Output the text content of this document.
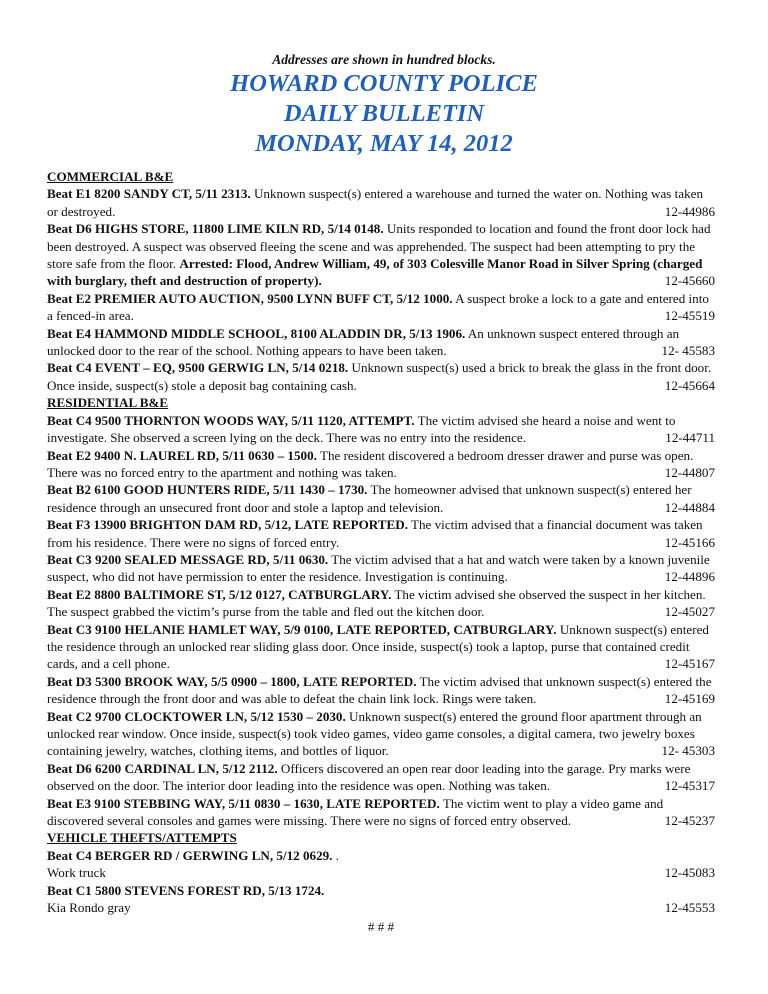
Addresses are shown in hundred blocks.
HOWARD COUNTY POLICE
DAILY BULLETIN
MONDAY, MAY 14, 2012
COMMERCIAL B&E

Beat E1 8200 SANDY CT, 5/11 2313. Unknown suspect(s) entered a warehouse and turned the water on. Nothing was taken or destroyed.	12-44986

Beat D6 HIGHS STORE, 11800 LIME KILN RD, 5/14 0148. Units responded to location and found the front door lock had been destroyed. A suspect was observed fleeing the scene and was apprehended. The suspect had been attempting to pry the store safe from the floor. Arrested: Flood, Andrew William, 49, of 303 Colesville Manor Road in Silver Spring (charged with burglary, theft and destruction of property).	12-45660

Beat E2 PREMIER AUTO AUCTION, 9500 LYNN BUFF CT, 5/12 1000. A suspect broke a lock to a gate and entered into a fenced-in area.	12-45519

Beat E4 HAMMOND MIDDLE SCHOOL, 8100 ALADDIN DR, 5/13 1906. An unknown suspect entered through an unlocked door to the rear of the school. Nothing appears to have been taken.	12- 45583

Beat C4 EVENT – EQ, 9500 GERWIG LN, 5/14 0218. Unknown suspect(s) used a brick to break the glass in the front door. Once inside, suspect(s) stole a deposit bag containing cash.	12-45664

RESIDENTIAL B&E

Beat C4 9500 THORNTON WOODS WAY, 5/11 1120, ATTEMPT. The victim advised she heard a noise and went to investigate. She observed a screen lying on the deck. There was no entry into the residence.	12-44711

Beat E2 9400 N. LAUREL RD, 5/11 0630 – 1500. The resident discovered a bedroom dresser drawer and purse was open. There was no forced entry to the apartment and nothing was taken.	12-44807

Beat B2 6100 GOOD HUNTERS RIDE, 5/11 1430 – 1730. The homeowner advised that unknown suspect(s) entered her residence through an unsecured front door and stole a laptop and television.	12-44884

Beat F3 13900 BRIGHTON DAM RD, 5/12, LATE REPORTED. The victim advised that a financial document was taken from his residence. There were no signs of forced entry.	12-45166

Beat C3 9200 SEALED MESSAGE RD, 5/11 0630. The victim advised that a hat and watch were taken by a known juvenile suspect, who did not have permission to enter the residence. Investigation is continuing.	12-44896

Beat E2 8800 BALTIMORE ST, 5/12 0127, CATBURGLARY. The victim advised she observed the suspect in her kitchen. The suspect grabbed the victim’s purse from the table and fled out the kitchen door.	12-45027

Beat C3 9100 HELANIE HAMLET WAY, 5/9 0100, LATE REPORTED, CATBURGLARY. Unknown suspect(s) entered the residence through an unlocked rear sliding glass door. Once inside, suspect(s) took a laptop, purse that contained credit cards, and a cell phone.	12-45167

Beat D3 5300 BROOK WAY, 5/5 0900 – 1800, LATE REPORTED. The victim advised that unknown suspect(s) entered the residence through the front door and was able to defeat the chain link lock. Rings were taken.	12-45169

Beat C2 9700 CLOCKTOWER LN, 5/12 1530 – 2030. Unknown suspect(s) entered the ground floor apartment through an unlocked rear window. Once inside, suspect(s) took video games, video game consoles, a digital camera, two jewelry boxes containing jewelry, watches, clothing items, and bottles of liquor.	12- 45303

Beat D6 6200 CARDINAL LN, 5/12 2112. Officers discovered an open rear door leading into the garage. Pry marks were observed on the door. The interior door leading into the residence was open. Nothing was taken.	12-45317

Beat E3 9100 STEBBING WAY, 5/11 0830 – 1630, LATE REPORTED. The victim went to play a video game and discovered several consoles and games were missing. There were no signs of forced entry observed.	12-45237

VEHICLE THEFTS/ATTEMPTS

Beat C4 BERGER RD / GERWING LN, 5/12 0629. .

Work truck	12-45083

Beat C1 5800 STEVENS FOREST RD, 5/13 1724.

Kia Rondo gray	12-45553

# # #
